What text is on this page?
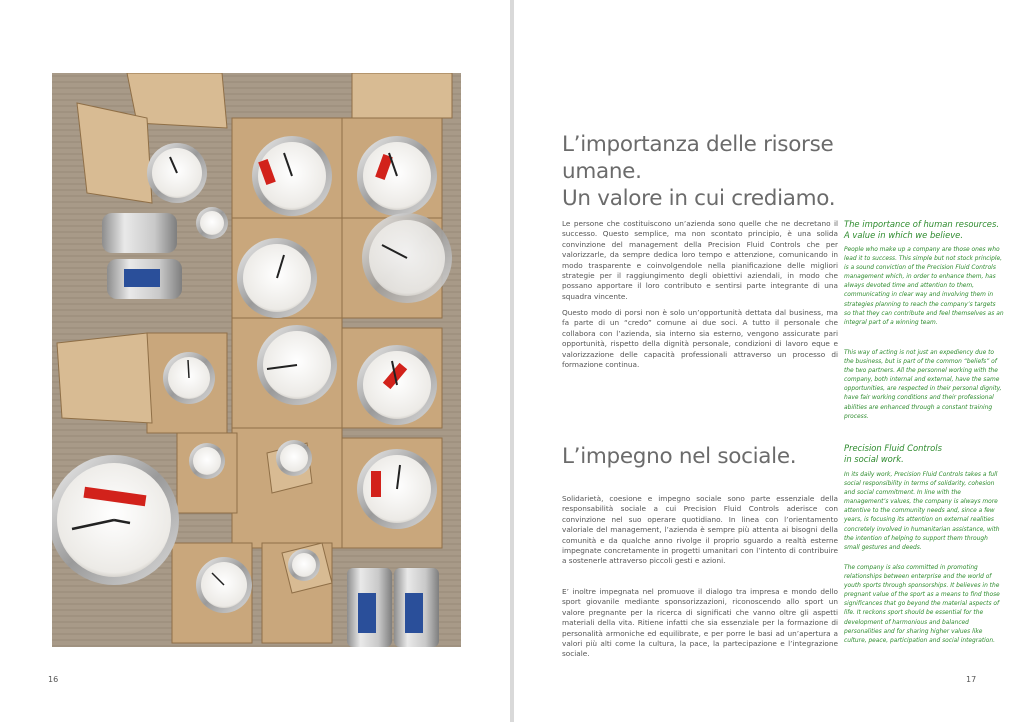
16
L’importanza delle risorse umane.
Un valore in cui crediamo.
Le persone che costituiscono un’azienda sono quelle che ne decretano il successo. Questo semplice, ma non scontato principio, è una solida convinzione del management della Precision Fluid Controls che per valorizzarle, da sempre dedica loro tempo e attenzione, comunicando in modo trasparente e coinvolgendole nella pianificazione delle migliori strategie per il raggiungimento degli obiettivi aziendali, in modo che possano apportare il loro contributo e sentirsi parte integrante di una squadra vincente.
Questo modo di porsi non è solo un’opportunità dettata dal business, ma fa parte di un “credo” comune ai due soci. A tutto il personale che collabora con l’azienda, sia interno sia esterno, vengono assicurate pari opportunità, rispetto della dignità personale, condizioni di lavoro eque e valorizzazione delle capacità professionali attraverso un processo di formazione continua.
The importance of human resources.
A value in which we believe.
People who make up a company are those ones who lead it to success. This simple but not stock principle, is a sound conviction of the Precision Fluid Controls management which, in order to enhance them, has always devoted time and attention to them, communicating in clear way and involving them in strategies planning to reach the company’s targets so that they can contribute and feel themselves as an integral part of a winning team.
This way of acting is not just an expediency due to the business, but is part of the common “beliefs” of the two partners. All the personnel working with the company, both internal and external, have the same opportunities, are respected in their personal dignity, have fair working conditions and their professional abilities are enhanced through a constant training process.
L’impegno nel sociale.
Solidarietà, coesione e impegno sociale sono parte essenziale della responsabilità sociale a cui Precision Fluid Controls aderisce con convinzione nel suo operare quotidiano. In linea con l’orientamento valoriale del management, l’azienda è sempre più attenta ai bisogni della comunità e da qualche anno rivolge il proprio sguardo a realtà esterne impegnate concretamente in progetti umanitari con l’intento di contribuire a sostenerle attraverso piccoli gesti e azioni.
E’ inoltre impegnata nel promuove il dialogo tra impresa e mondo dello sport giovanile mediante sponsorizzazioni, riconoscendo allo sport un valore pregnante per la ricerca di significati che vanno oltre gli aspetti materiali della vita. Ritiene infatti che sia essenziale per la formazione di personalità armoniche ed equilibrate, e per porre le basi ad un’apertura a valori più alti come la cultura, la pace, la partecipazione e l’integrazione sociale.
Precision Fluid Controls
in social work.
In its daily work, Precision Fluid Controls takes a full social responsibility in terms of solidarity, cohesion and social commitment. In line with the management’s values, the company is always more attentive to the community needs and, since a few years, is focusing its attention on external realities concretely involved in humanitarian assistance, with the intention of helping to support them through small gestures and deeds.
The company is also committed in promoting relationships between enterprise and the world of youth sports through sponsorships. It believes in the pregnant value of the sport as a means to find those significances that go beyond the material aspects of life. It reckons sport should be essential for the development of harmonious and balanced personalities and for sharing higher values like culture, peace, participation and social integration.
17
